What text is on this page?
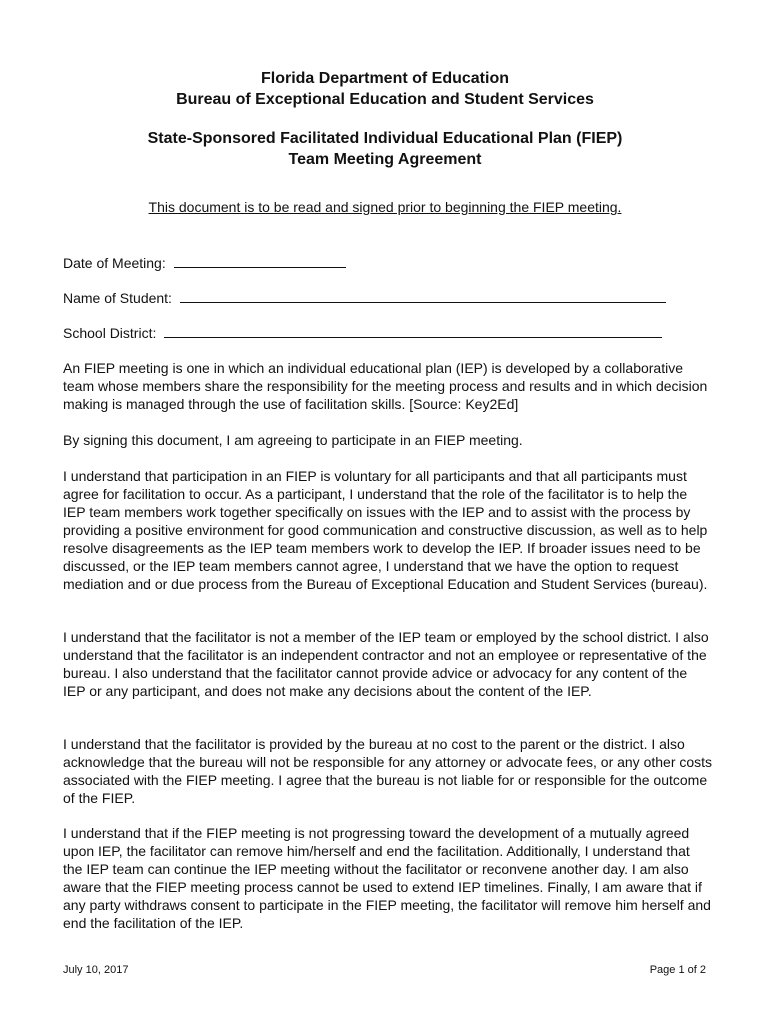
Florida Department of Education
Bureau of Exceptional Education and Student Services
State-Sponsored Facilitated Individual Educational Plan (FIEP)
Team Meeting Agreement
This document is to be read and signed prior to beginning the FIEP meeting.
Date of Meeting:
Name of Student:
School District:

An FIEP meeting is one in which an individual educational plan (IEP) is developed by a collaborative team whose members share the responsibility for the meeting process and results and in which decision making is managed through the use of facilitation skills. [Source: Key2Ed]

By signing this document, I am agreeing to participate in an FIEP meeting.

I understand that participation in an FIEP is voluntary for all participants and that all participants must agree for facilitation to occur. As a participant, I understand that the role of the facilitator is to help the IEP team members work together specifically on issues with the IEP and to assist with the process by providing a positive environment for good communication and constructive discussion, as well as to help resolve disagreements as the IEP team members work to develop the IEP. If broader issues need to be discussed, or the IEP team members cannot agree, I understand that we have the option to request mediation and or due process from the Bureau of Exceptional Education and Student Services (bureau).

I understand that the facilitator is not a member of the IEP team or employed by the school district. I also understand that the facilitator is an independent contractor and not an employee or representative of the bureau. I also understand that the facilitator cannot provide advice or advocacy for any content of the IEP or any participant, and does not make any decisions about the content of the IEP.

I understand that the facilitator is provided by the bureau at no cost to the parent or the district. I also acknowledge that the bureau will not be responsible for any attorney or advocate fees, or any other costs associated with the FIEP meeting. I agree that the bureau is not liable for or responsible for the outcome of the FIEP.

I understand that if the FIEP meeting is not progressing toward the development of a mutually agreed upon IEP, the facilitator can remove him/herself and end the facilitation. Additionally, I understand that the IEP team can continue the IEP meeting without the facilitator or reconvene another day. I am also aware that the FIEP meeting process cannot be used to extend IEP timelines. Finally, I am aware that if any party withdraws consent to participate in the FIEP meeting, the facilitator will remove him herself and end the facilitation of the IEP.

July 10, 2017	Page 1 of 2
